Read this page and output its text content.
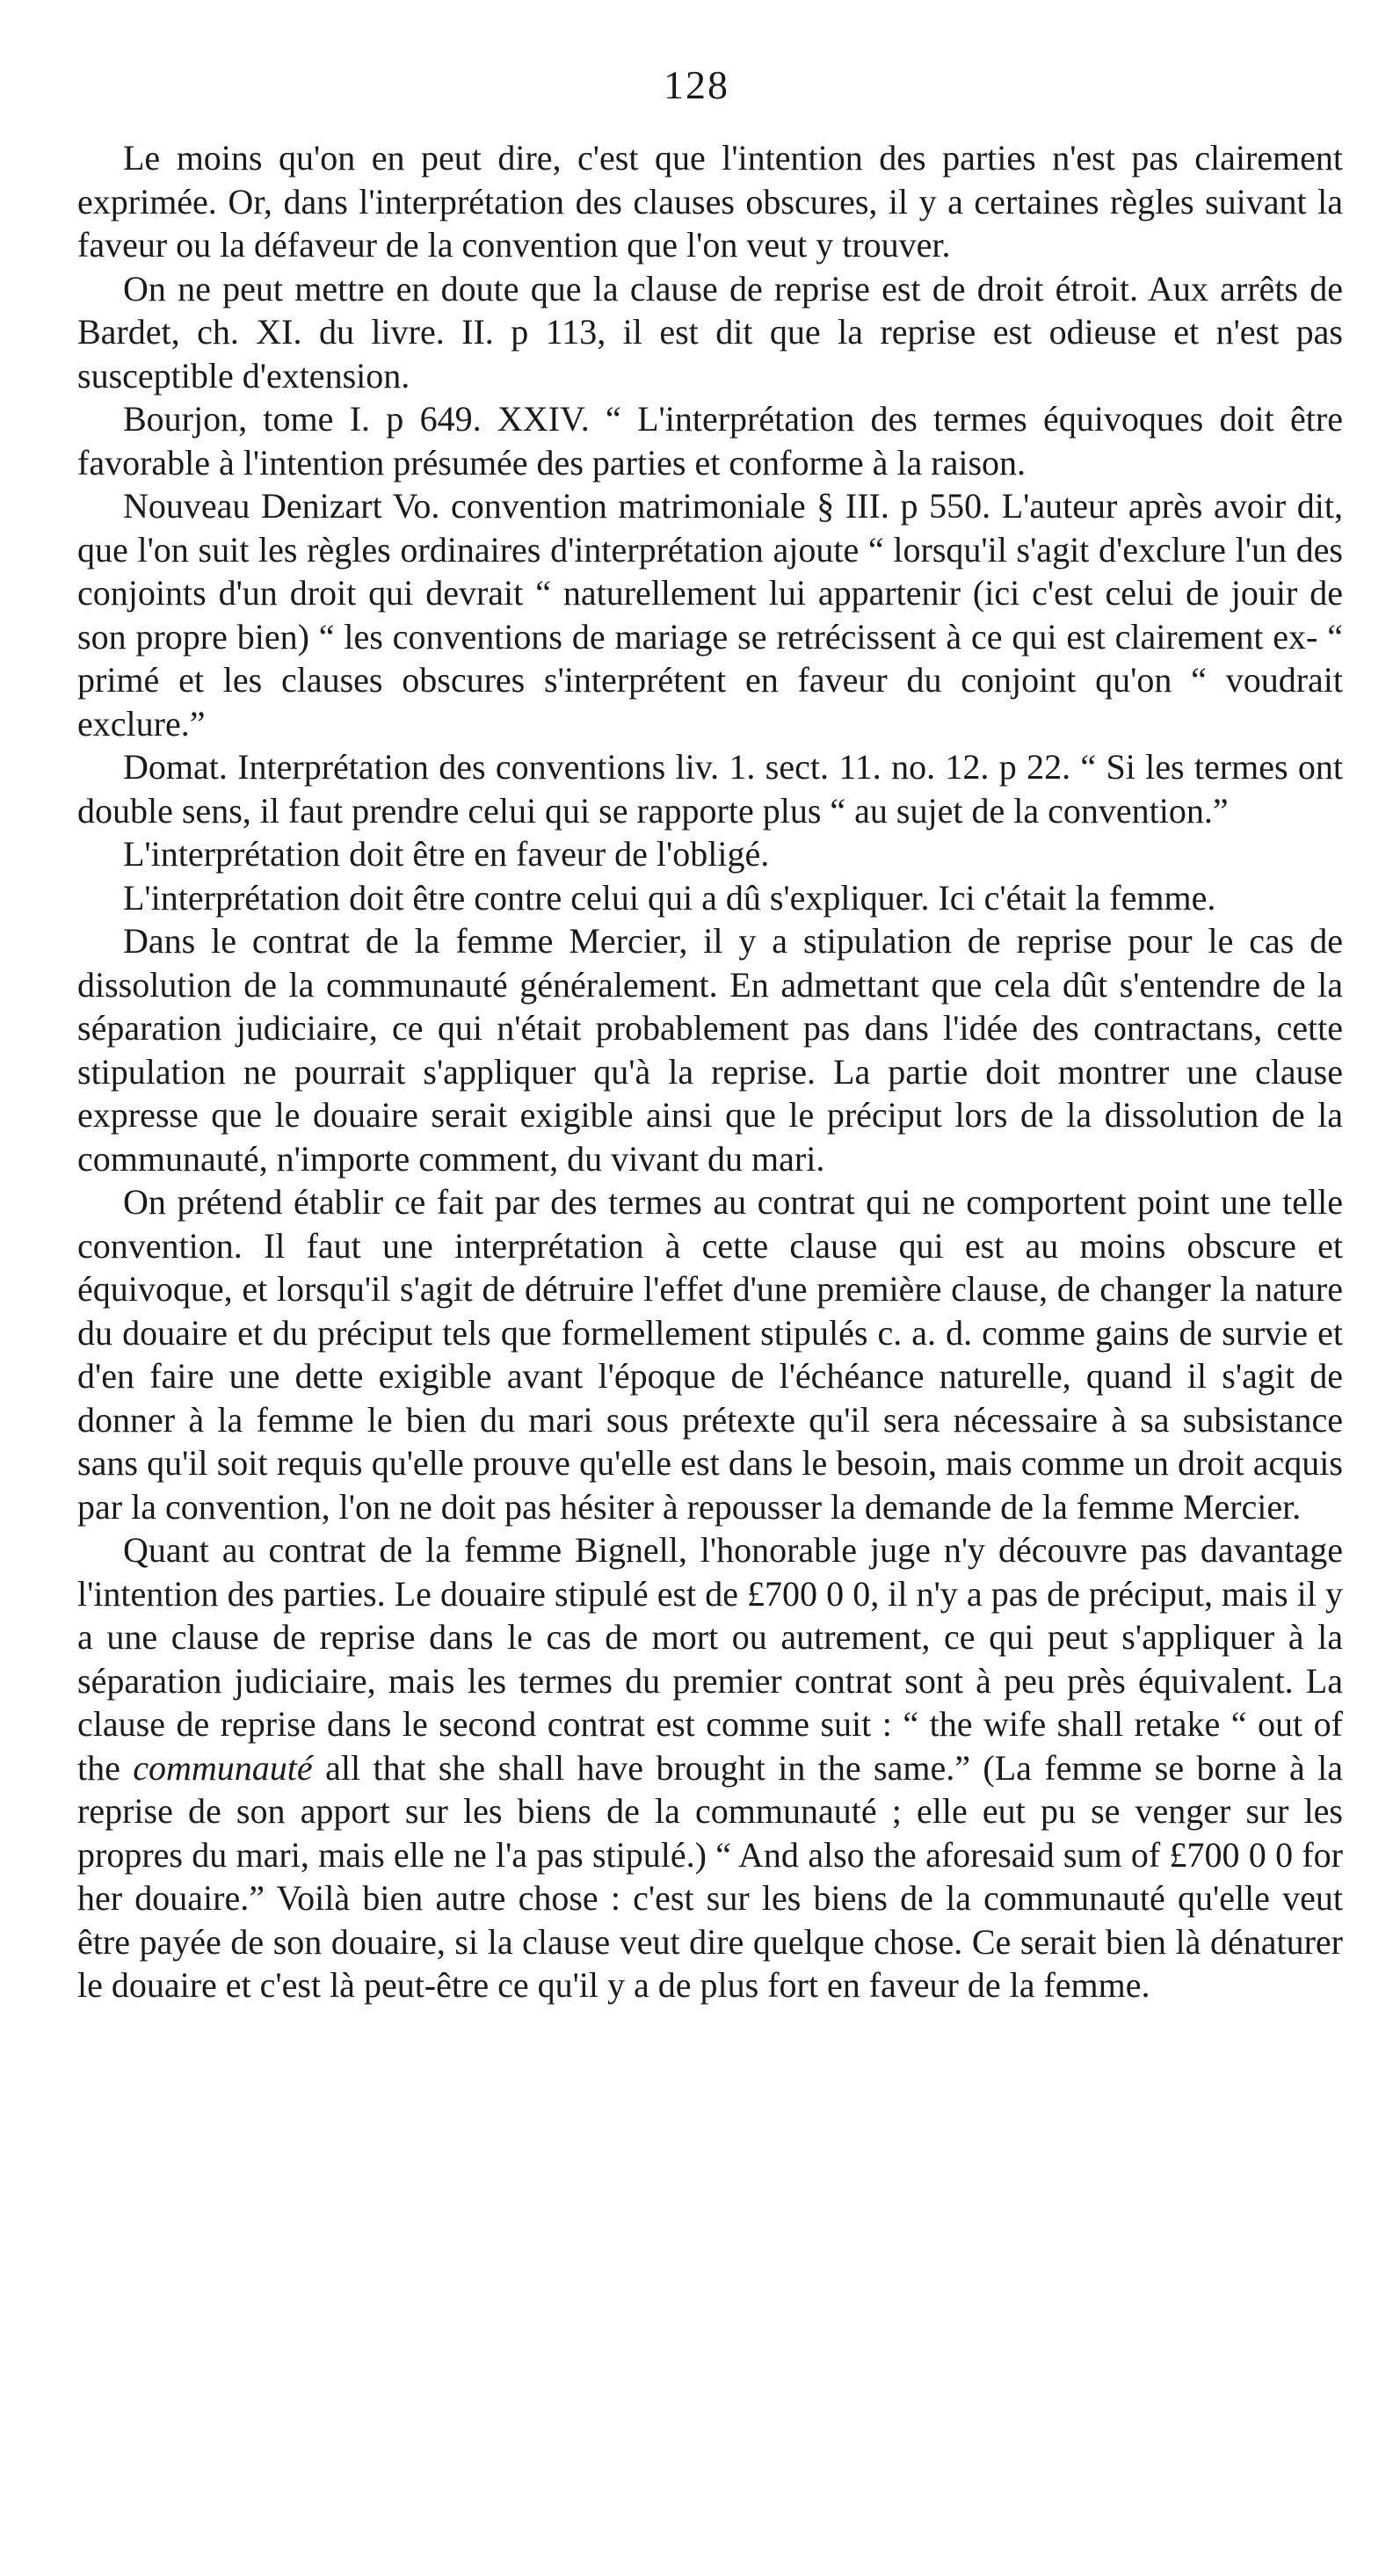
128

Le moins qu'on en peut dire, c'est que l'intention des parties n'est pas clairement exprimée. Or, dans l'interprétation des clauses obscures, il y a certaines règles suivant la faveur ou la défaveur de la convention que l'on veut y trouver.

On ne peut mettre en doute que la clause de reprise est de droit étroit. Aux arrêts de Bardet, ch. XI. du livre. II. p 113, il est dit que la reprise est odieuse et n'est pas susceptible d'extension.

Bourjon, tome I. p 649. XXIV. “ L'interprétation des termes équivoques doit être favorable à l'intention présumée des parties et conforme à la raison.

Nouveau Denizart Vo. convention matrimoniale § III. p 550. L'auteur après avoir dit, que l'on suit les règles ordinaires d'interprétation ajoute “ lorsqu'il s'agit d'exclure l'un des conjoints d'un droit qui devrait “ naturellement lui appartenir (ici c'est celui de jouir de son propre bien) “ les conventions de mariage se retrécissent à ce qui est clairement ex- “ primé et les clauses obscures s'interprétent en faveur du conjoint qu'on “ voudrait exclure.”

Domat. Interprétation des conventions liv. 1. sect. 11. no. 12. p 22. “ Si les termes ont double sens, il faut prendre celui qui se rapporte plus “ au sujet de la convention.”

L'interprétation doit être en faveur de l'obligé.

L'interprétation doit être contre celui qui a dû s'expliquer. Ici c'était la femme.

Dans le contrat de la femme Mercier, il y a stipulation de reprise pour le cas de dissolution de la communauté généralement. En admettant que cela dût s'entendre de la séparation judiciaire, ce qui n'était probablement pas dans l'idée des contractans, cette stipulation ne pourrait s'appliquer qu'à la reprise. La partie doit montrer une clause expresse que le douaire serait exigible ainsi que le préciput lors de la dissolution de la communauté, n'importe comment, du vivant du mari.

On prétend établir ce fait par des termes au contrat qui ne comportent point une telle convention. Il faut une interprétation à cette clause qui est au moins obscure et équivoque, et lorsqu'il s'agit de détruire l'effet d'une première clause, de changer la nature du douaire et du préciput tels que formellement stipulés c. a. d. comme gains de survie et d'en faire une dette exigible avant l'époque de l'échéance naturelle, quand il s'agit de donner à la femme le bien du mari sous prétexte qu'il sera nécessaire à sa subsistance sans qu'il soit requis qu'elle prouve qu'elle est dans le besoin, mais comme un droit acquis par la convention, l'on ne doit pas hésiter à repousser la demande de la femme Mercier.

Quant au contrat de la femme Bignell, l'honorable juge n'y découvre pas davantage l'intention des parties. Le douaire stipulé est de £700 0 0, il n'y a pas de préciput, mais il y a une clause de reprise dans le cas de mort ou autrement, ce qui peut s'appliquer à la séparation judiciaire, mais les termes du premier contrat sont à peu près équivalent. La clause de reprise dans le second contrat est comme suit : “ the wife shall retake “ out of the communauté all that she shall have brought in the same.” (La femme se borne à la reprise de son apport sur les biens de la communauté ; elle eut pu se venger sur les propres du mari, mais elle ne l'a pas stipulé.) “ And also the aforesaid sum of £700 0 0 for her douaire.” Voilà bien autre chose : c'est sur les biens de la communauté qu'elle veut être payée de son douaire, si la clause veut dire quelque chose. Ce serait bien là dénaturer le douaire et c'est là peut-être ce qu'il y a de plus fort en faveur de la femme.
